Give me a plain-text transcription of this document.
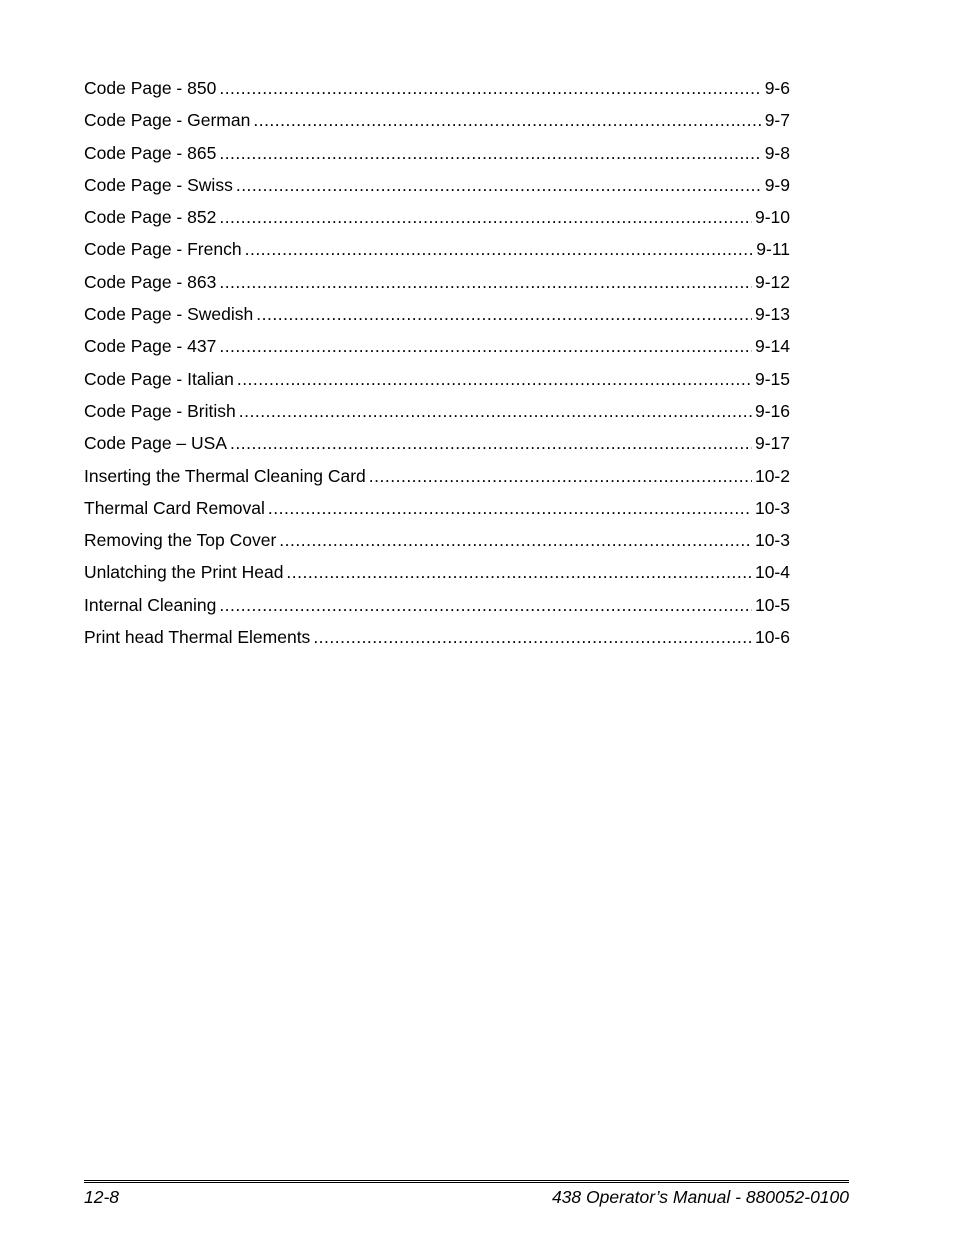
Code Page - 850 .....	9-6
Code Page - German .....	9-7
Code Page - 865 .....	9-8
Code Page - Swiss .....	9-9
Code Page - 852 .....	9-10
Code Page - French .....	9-11
Code Page - 863 .....	9-12
Code Page - Swedish .....	9-13
Code Page - 437 .....	9-14
Code Page - Italian .....	9-15
Code Page - British .....	9-16
Code Page – USA .....	9-17
Inserting the Thermal Cleaning Card .....	10-2
Thermal Card Removal .....	10-3
Removing the Top Cover .....	10-3
Unlatching the Print Head .....	10-4
Internal Cleaning .....	10-5
Print head Thermal Elements .....	10-6
12-8	438 Operator’s Manual - 880052-0100
